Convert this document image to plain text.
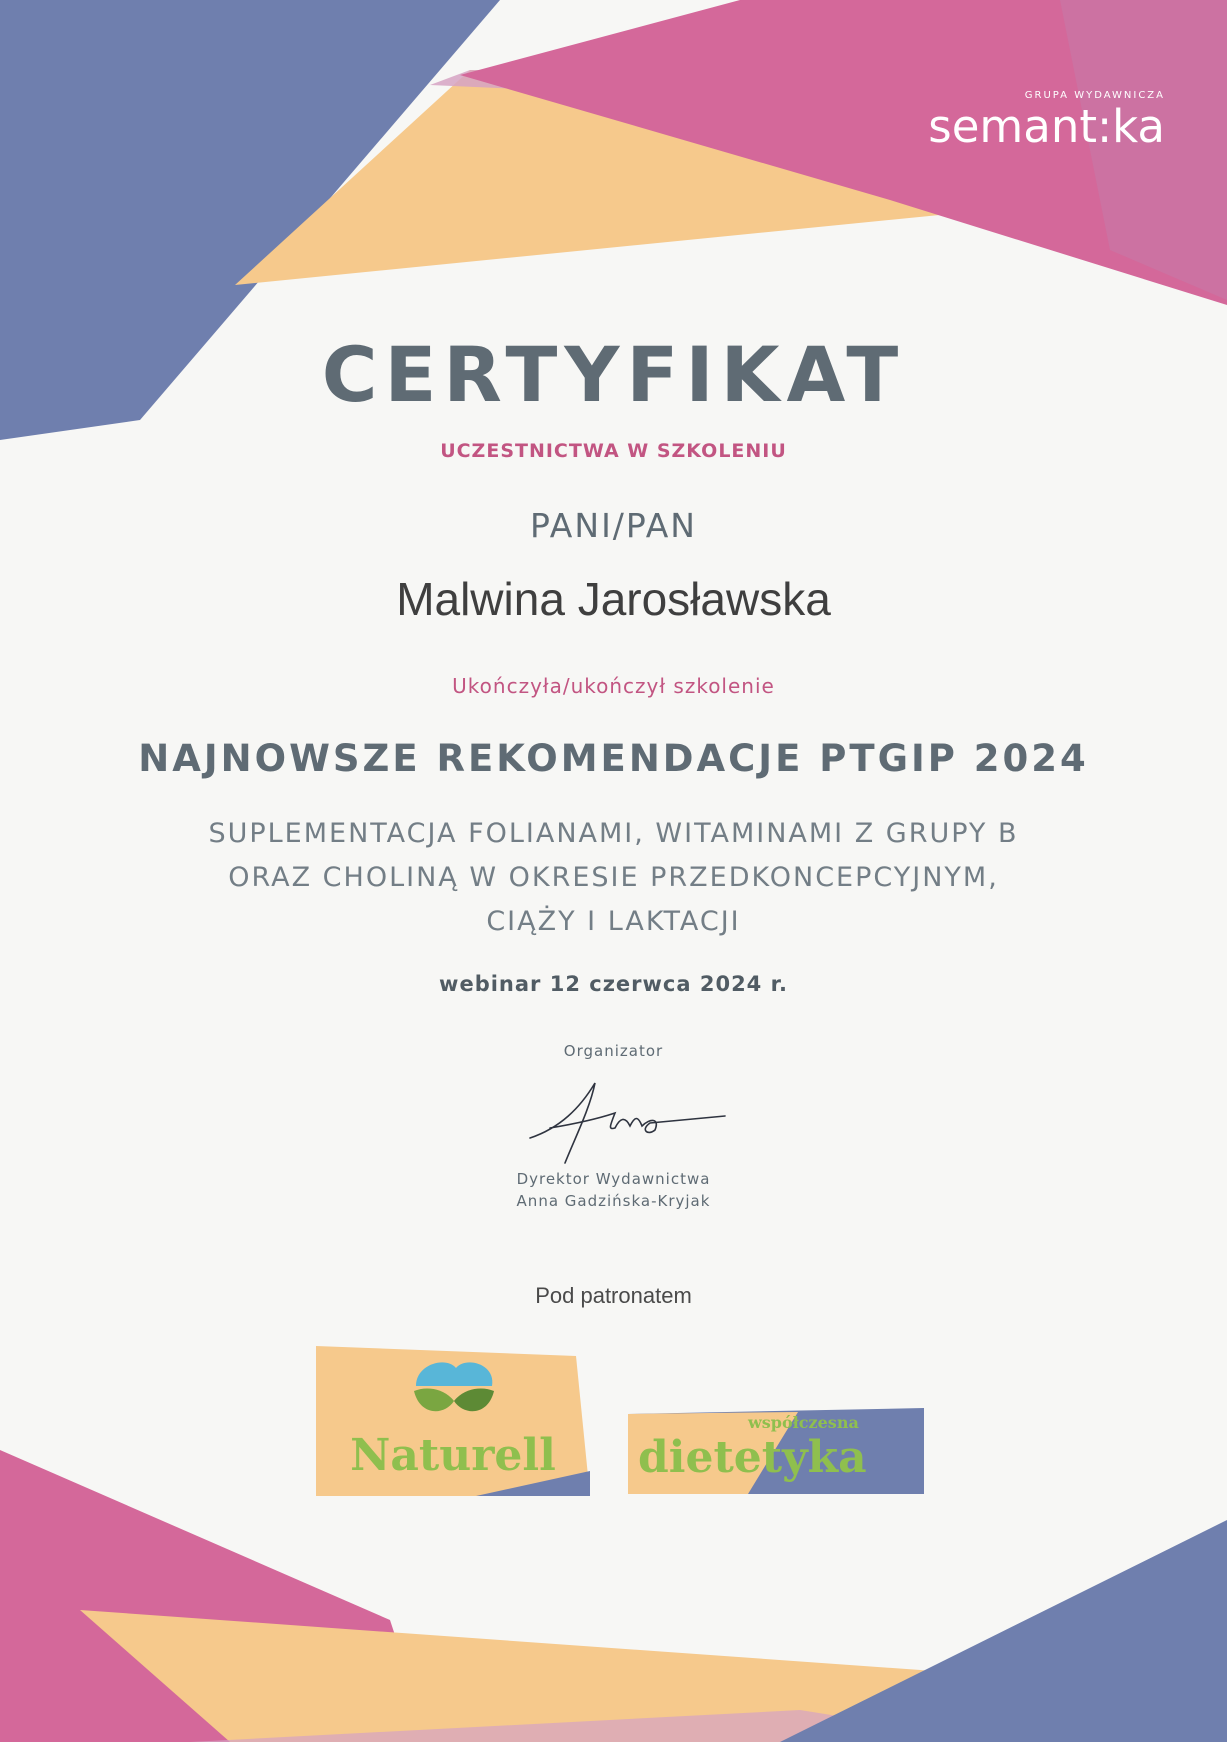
GRUPA WYDAWNICZA
semant:ka
CERTYFIKAT
UCZESTNICTWA W SZKOLENIU
PANI/PAN
Malwina Jarosławska
Ukończyła/ukończył szkolenie
NAJNOWSZE REKOMENDACJE PTGIP 2024
SUPLEMENTACJA FOLIANAMI, WITAMINAMI Z GRUPY B
ORAZ CHOLINĄ W OKRESIE PRZEDKONCEPCYJNYM,
CIĄŻY I LAKTACJI
webinar 12 czerwca 2024 r.
Organizator
Dyrektor Wydawnictwa
Anna Gadzińska-Kryjak
Pod patronatem
Naturell
współczesna
dietetyka
